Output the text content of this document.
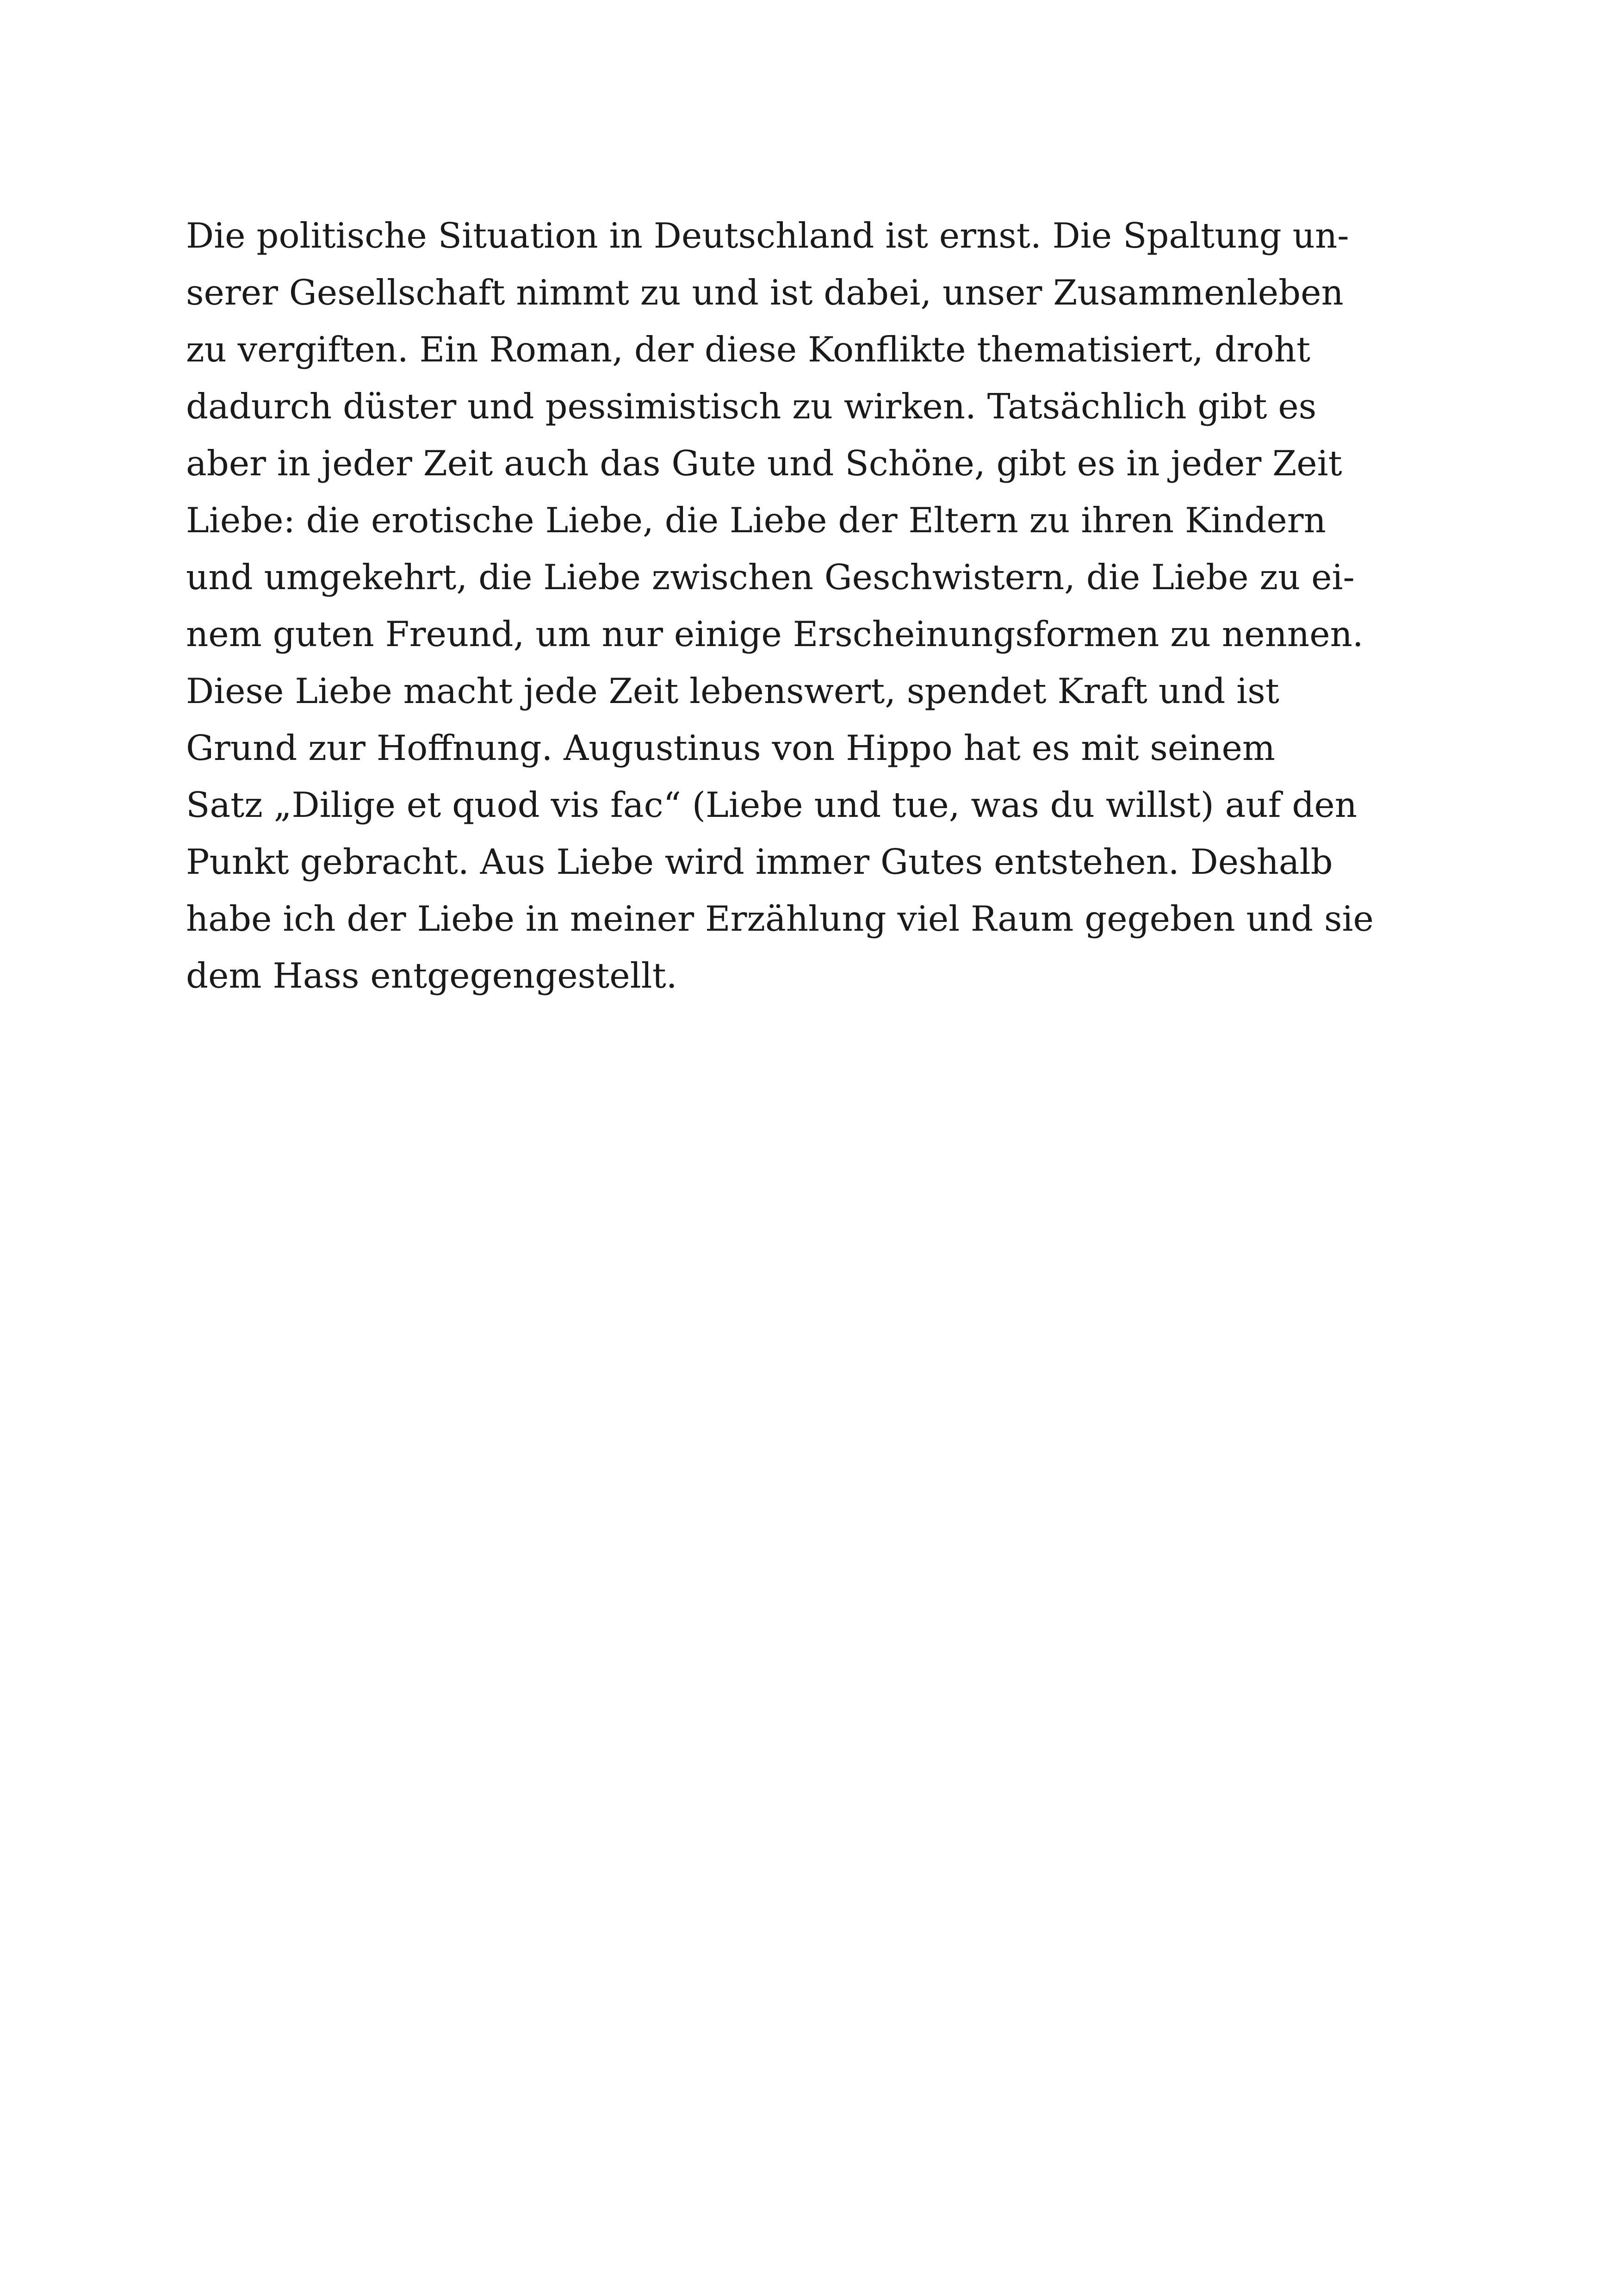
Die politische Situation in Deutschland ist ernst. Die Spaltung un-
serer Gesellschaft nimmt zu und ist dabei, unser Zusammenleben
zu vergiften. Ein Roman, der diese Konflikte thematisiert, droht
dadurch düster und pessimistisch zu wirken. Tatsächlich gibt es
aber in jeder Zeit auch das Gute und Schöne, gibt es in jeder Zeit
Liebe: die erotische Liebe, die Liebe der Eltern zu ihren Kindern
und umgekehrt, die Liebe zwischen Geschwistern, die Liebe zu ei-
nem guten Freund, um nur einige Erscheinungsformen zu nennen.
Diese Liebe macht jede Zeit lebenswert, spendet Kraft und ist
Grund zur Hoffnung. Augustinus von Hippo hat es mit seinem
Satz „Dilige et quod vis fac“ (Liebe und tue, was du willst) auf den
Punkt gebracht. Aus Liebe wird immer Gutes entstehen. Deshalb
habe ich der Liebe in meiner Erzählung viel Raum gegeben und sie
dem Hass entgegengestellt.
